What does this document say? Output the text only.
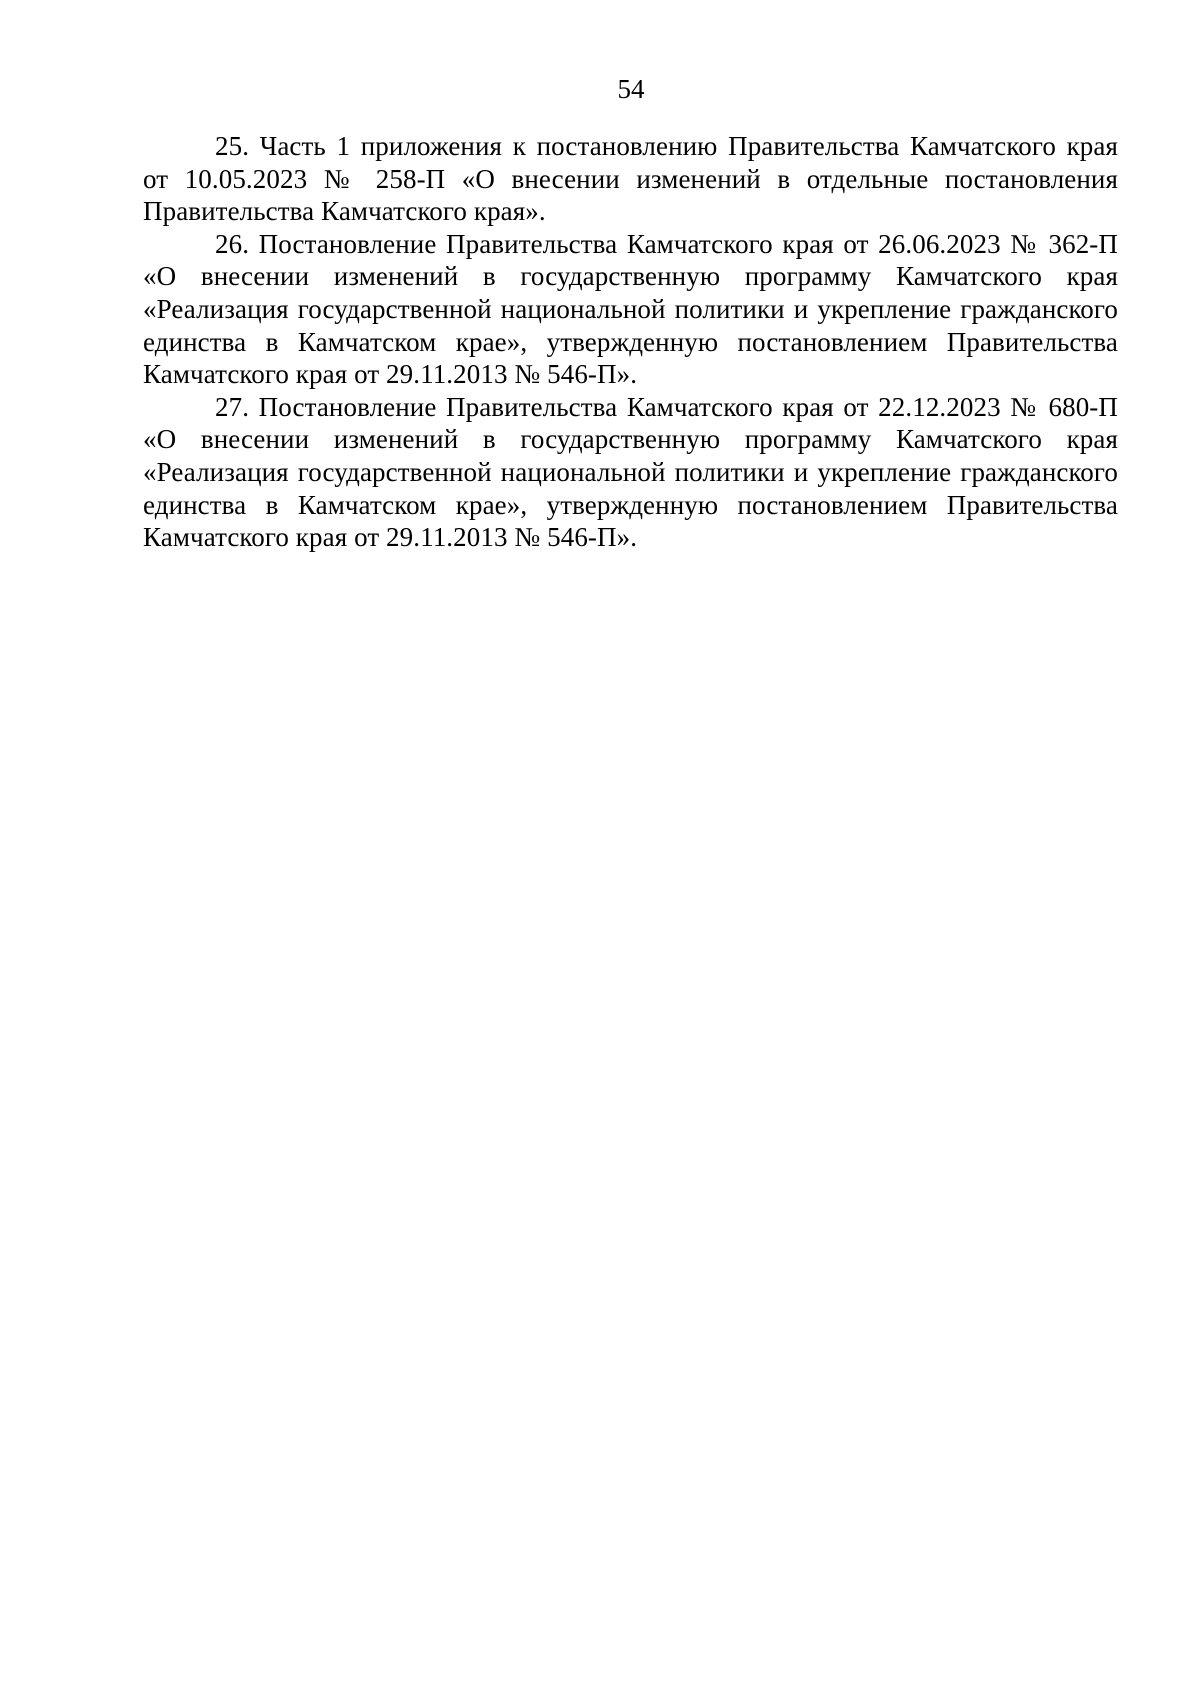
54

25. Часть 1 приложения к постановлению Правительства Камчатского края от 10.05.2023 № 258-П «О внесении изменений в отдельные постановления Правительства Камчатского края».

26. Постановление Правительства Камчатского края от 26.06.2023 № 362-П «О внесении изменений в государственную программу Камчатского края «Реализация государственной национальной политики и укрепление гражданского единства в Камчатском крае», утвержденную постановлением Правительства Камчатского края от 29.11.2013 № 546-П».

27. Постановление Правительства Камчатского края от 22.12.2023 № 680-П «О внесении изменений в государственную программу Камчатского края «Реализация государственной национальной политики и укрепление гражданского единства в Камчатском крае», утвержденную постановлением Правительства Камчатского края от 29.11.2013 № 546-П».
